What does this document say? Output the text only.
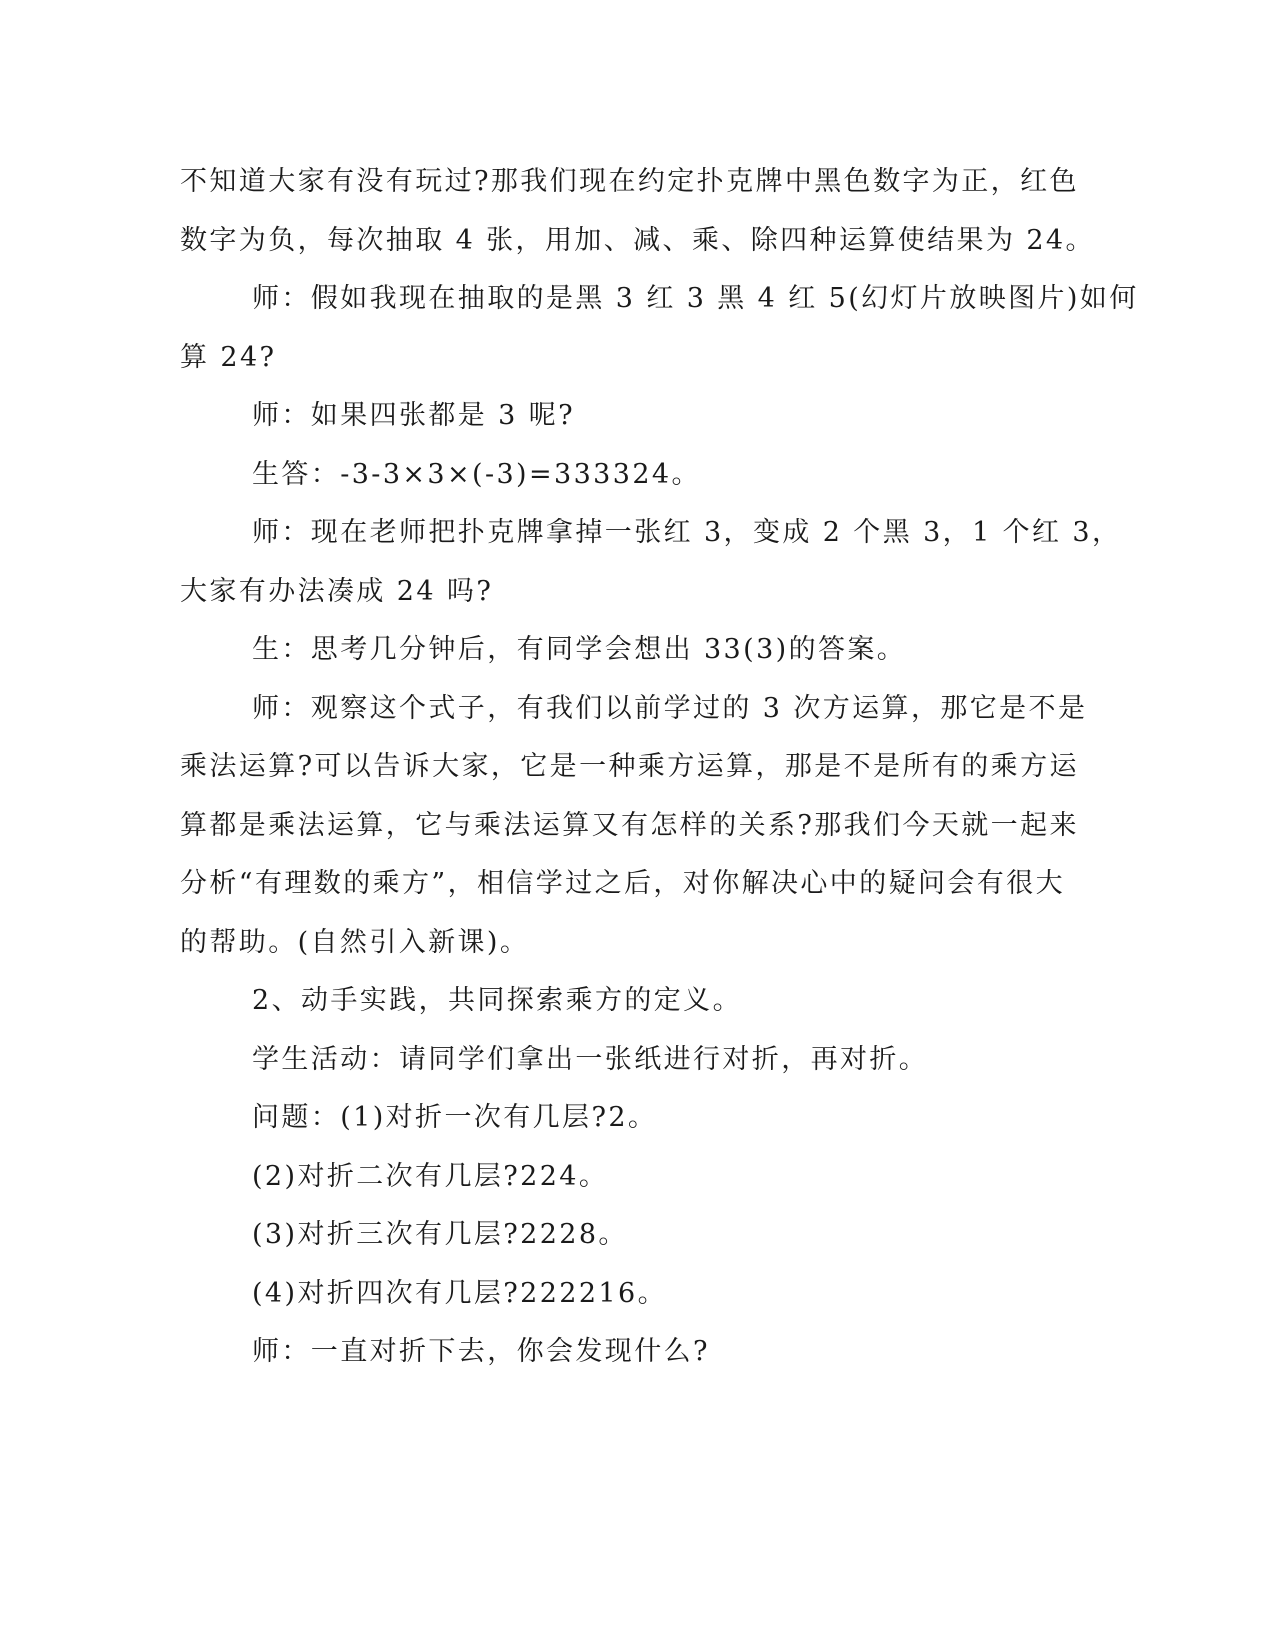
不知道大家有没有玩过?那我们现在约定扑克牌中黑色数字为正，红色
数字为负，每次抽取 4 张，用加、减、乘、除四种运算使结果为 24。
师：假如我现在抽取的是黑 3 红 3 黑 4 红 5(幻灯片放映图片)如何
算 24?
师：如果四张都是 3 呢?
生答：-3-3×3×(-3)=333324。
师：现在老师把扑克牌拿掉一张红 3，变成 2 个黑 3，1 个红 3，
大家有办法凑成 24 吗?
生：思考几分钟后，有同学会想出 33(3)的答案。
师：观察这个式子，有我们以前学过的 3 次方运算，那它是不是
乘法运算?可以告诉大家，它是一种乘方运算，那是不是所有的乘方运
算都是乘法运算，它与乘法运算又有怎样的关系?那我们今天就一起来
分析“有理数的乘方”，相信学过之后，对你解决心中的疑问会有很大
的帮助。(自然引入新课)。
2、动手实践，共同探索乘方的定义。
学生活动：请同学们拿出一张纸进行对折，再对折。
问题：(1)对折一次有几层?2。
(2)对折二次有几层?224。
(3)对折三次有几层?2228。
(4)对折四次有几层?222216。
师：一直对折下去，你会发现什么?
